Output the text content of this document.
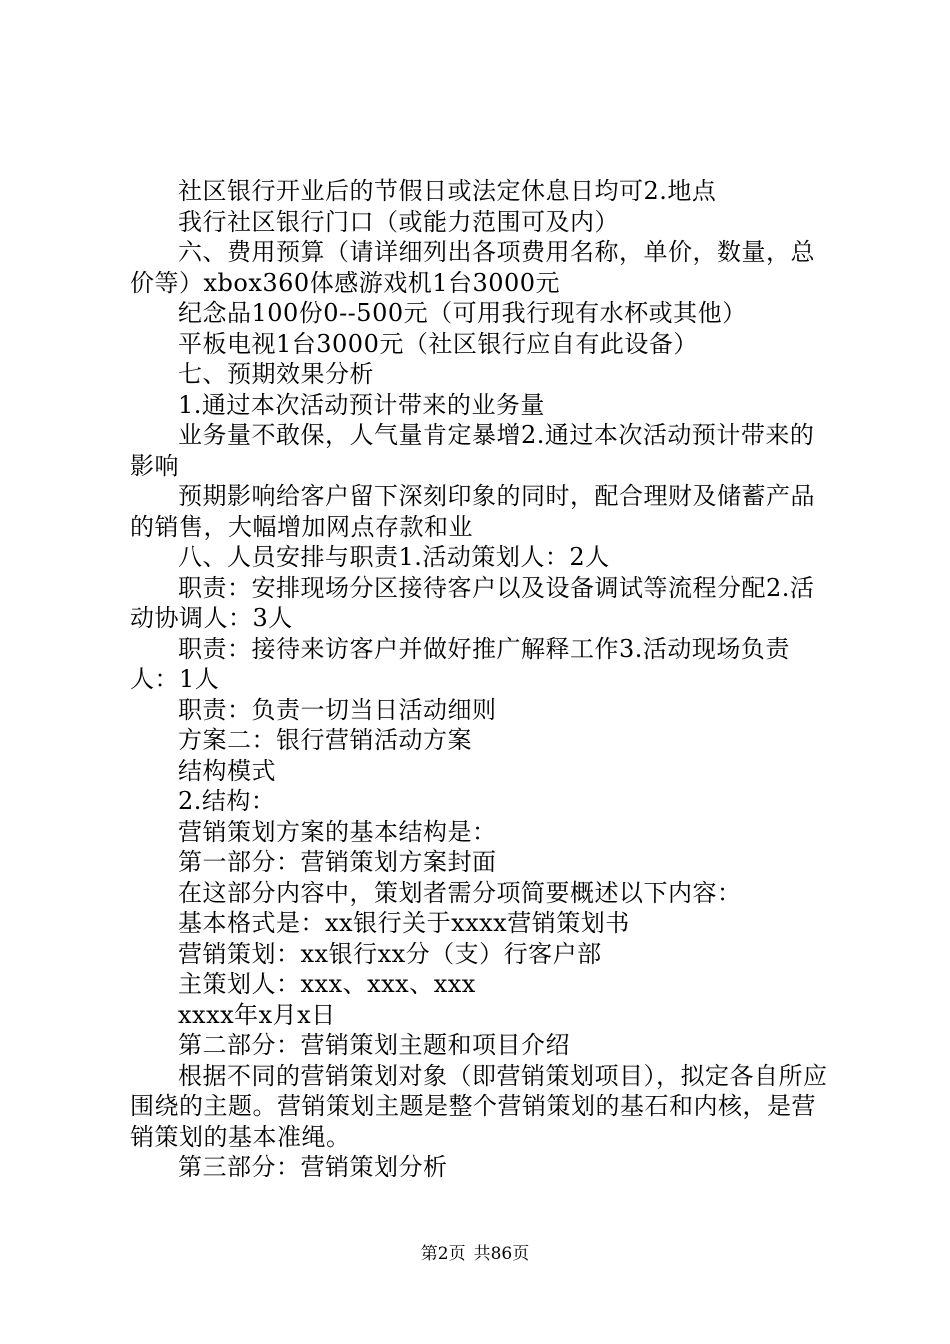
社区银行开业后的节假日或法定休息日均可2.地点

我行社区银行门口（或能力范围可及内）

六、费用预算（请详细列出各项费用名称，单价，数量，总价等）xbox360体感游戏机1台3000元

纪念品100份0--500元（可用我行现有水杯或其他）

平板电视1台3000元（社区银行应自有此设备）

七、预期效果分析

1.通过本次活动预计带来的业务量

业务量不敢保，人气量肯定暴增2.通过本次活动预计带来的影响

预期影响给客户留下深刻印象的同时，配合理财及储蓄产品的销售，大幅增加网点存款和业

八、人员安排与职责1.活动策划人：2人

职责：安排现场分区接待客户以及设备调试等流程分配2.活动协调人：3人

职责：接待来访客户并做好推广解释工作3.活动现场负责人：1人

职责：负责一切当日活动细则

方案二：银行营销活动方案

结构模式

2.结构：

营销策划方案的基本结构是：

第一部分：营销策划方案封面

在这部分内容中，策划者需分项简要概述以下内容：

基本格式是：xx银行关于xxxx营销策划书

营销策划：xx银行xx分（支）行客户部

主策划人：xxx、xxx、xxx

xxxx年x月x日

第二部分：营销策划主题和项目介绍

根据不同的营销策划对象（即营销策划项目），拟定各自所应围绕的主题。营销策划主题是整个营销策划的基石和内核，是营销策划的基本准绳。

第三部分：营销策划分析

第2页 共86页
